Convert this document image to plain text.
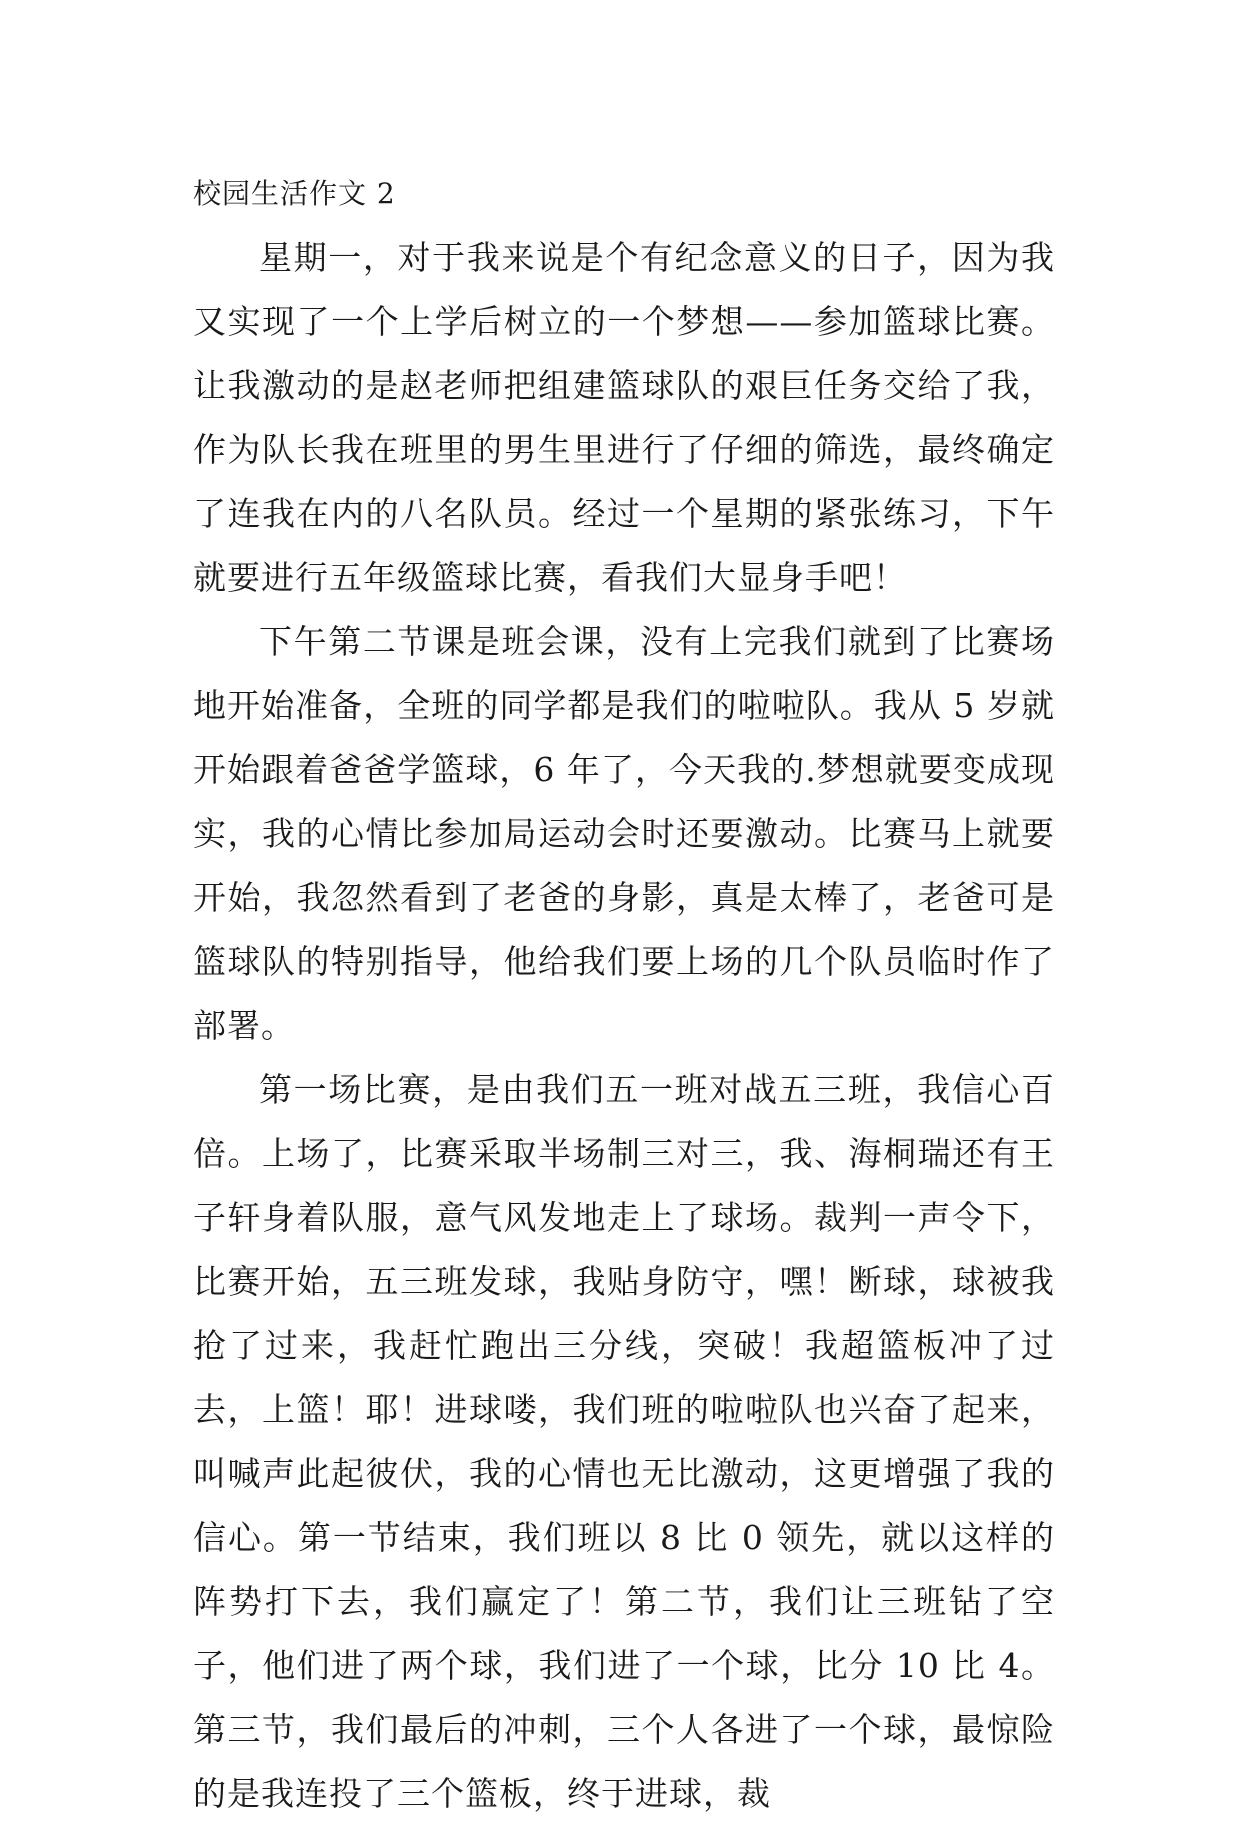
校园生活作文 2

星期一，对于我来说是个有纪念意义的日子，因为我又实现了一个上学后树立的一个梦想——参加篮球比赛。让我激动的是赵老师把组建篮球队的艰巨任务交给了我，作为队长我在班里的男生里进行了仔细的筛选，最终确定了连我在内的八名队员。经过一个星期的紧张练习，下午就要进行五年级篮球比赛，看我们大显身手吧！

下午第二节课是班会课，没有上完我们就到了比赛场地开始准备，全班的同学都是我们的啦啦队。我从 5 岁就开始跟着爸爸学篮球，6 年了，今天我的.梦想就要变成现实，我的心情比参加局运动会时还要激动。比赛马上就要开始，我忽然看到了老爸的身影，真是太棒了，老爸可是篮球队的特别指导，他给我们要上场的几个队员临时作了部署。

第一场比赛，是由我们五一班对战五三班，我信心百倍。上场了，比赛采取半场制三对三，我、海桐瑞还有王子轩身着队服，意气风发地走上了球场。裁判一声令下，比赛开始，五三班发球，我贴身防守，嘿！断球，球被我抢了过来，我赶忙跑出三分线，突破！我超篮板冲了过去，上篮！耶！进球喽，我们班的啦啦队也兴奋了起来，叫喊声此起彼伏，我的心情也无比激动，这更增强了我的信心。第一节结束，我们班以 8 比 0 领先，就以这样的阵势打下去，我们赢定了！第二节，我们让三班钻了空子，他们进了两个球，我们进了一个球，比分 10 比 4。第三节，我们最后的冲刺，三个人各进了一个球，最惊险的是我连投了三个篮板，终于进球，裁
